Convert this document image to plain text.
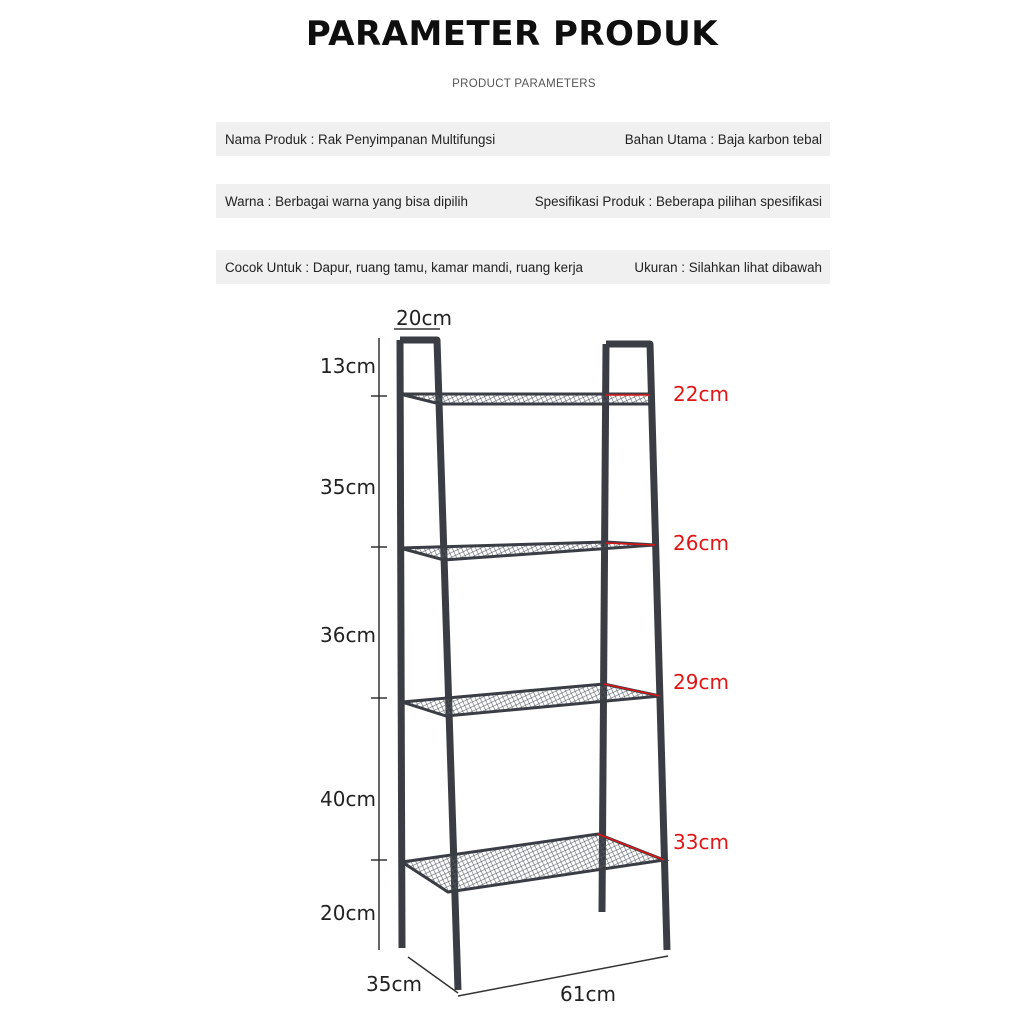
PARAMETER PRODUK
PRODUCT PARAMETERS
Nama Produk : Rak Penyimpanan Multifungsi	Bahan Utama : Baja karbon tebal
Warna : Berbagai warna yang bisa dipilih	Spesifikasi Produk : Beberapa pilihan spesifikasi
Cocok Untuk : Dapur, ruang tamu, kamar mandi, ruang kerja	Ukuran : Silahkan lihat dibawah
20cm
13cm
35cm
36cm
40cm
20cm
22cm
26cm
29cm
33cm
35cm	61cm
